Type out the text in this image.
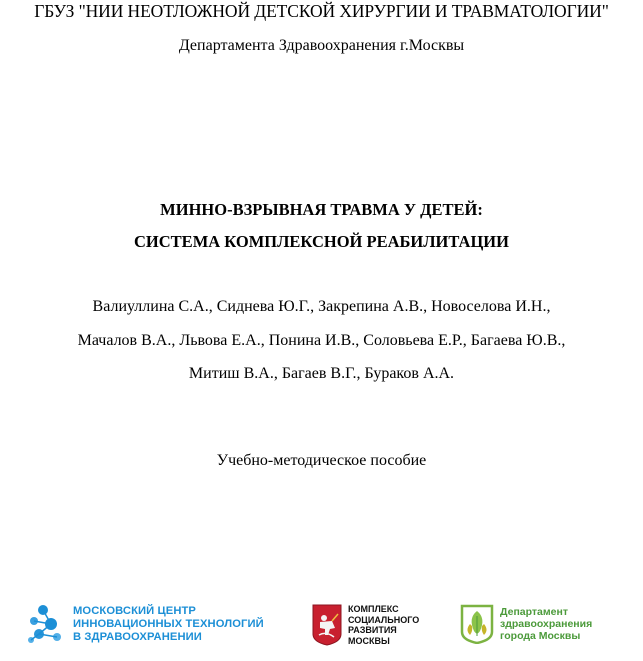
ГБУЗ "НИИ НЕОТЛОЖНОЙ ДЕТСКОЙ ХИРУРГИИ И ТРАВМАТОЛОГИИ"
Департамента Здравоохранения г.Москвы
МИННО-ВЗРЫВНАЯ ТРАВМА У ДЕТЕЙ:
СИСТЕМА КОМПЛЕКСНОЙ РЕАБИЛИТАЦИИ
Валиуллина С.А., Сиднева Ю.Г., Закрепина А.В., Новоселова И.Н.,
Мачалов В.А., Львова Е.А., Понина И.В., Соловьева Е.Р., Багаева Ю.В.,
Митиш В.А., Багаев В.Г., Бураков А.А.
Учебно-методическое пособие
МОСКОВСКИЙ ЦЕНТР
ИННОВАЦИОННЫХ ТЕХНОЛОГИЙ
В ЗДРАВООХРАНЕНИИ
КОМПЛЕКС
СОЦИАЛЬНОГО
РАЗВИТИЯ
МОСКВЫ
Департамент
здравоохранения
города Москвы
